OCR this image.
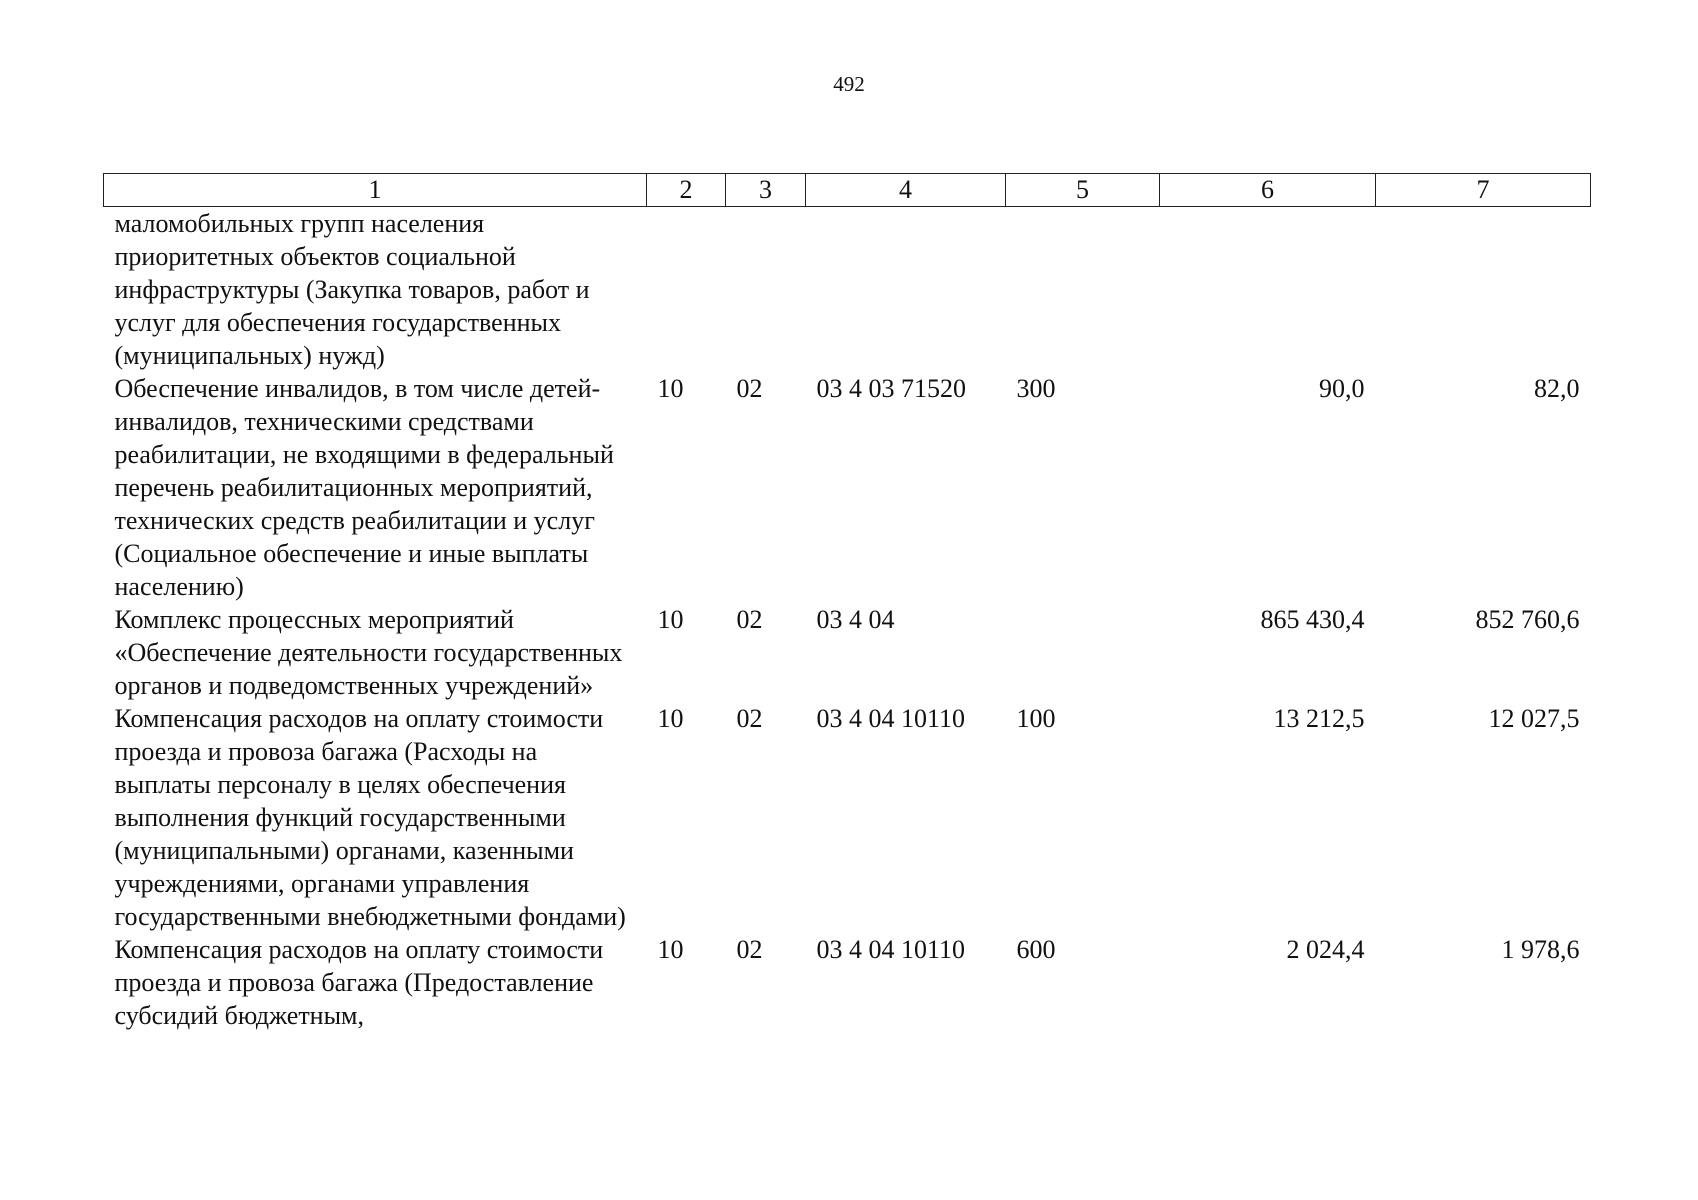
492
1	2	3	4	5	6	7
маломобильных групп населения приоритетных объектов социальной инфраструктуры (Закупка товаров, работ и услуг для обеспечения государственных (муниципальных) нужд)						
Обеспечение инвалидов, в том числе детей-инвалидов, техническими средствами реабилитации, не входящими в федеральный перечень реабилитационных мероприятий, технических средств реабилитации и услуг (Социальное обеспечение и иные выплаты населению)	10	02	03 4 03 71520	300	90,0	82,0
Комплекс процессных мероприятий «Обеспечение деятельности государственных органов и подведомственных учреждений»	10	02	03 4 04		865 430,4	852 760,6
Компенсация расходов на оплату стоимости проезда и провоза багажа (Расходы на выплаты персоналу в целях обеспечения выполнения функций государственными (муниципальными) органами, казенными учреждениями, органами управления государственными внебюджетными фондами)	10	02	03 4 04 10110	100	13 212,5	12 027,5
Компенсация расходов на оплату стоимости проезда и провоза багажа (Предоставление субсидий бюджетным,	10	02	03 4 04 10110	600	2 024,4	1 978,6
